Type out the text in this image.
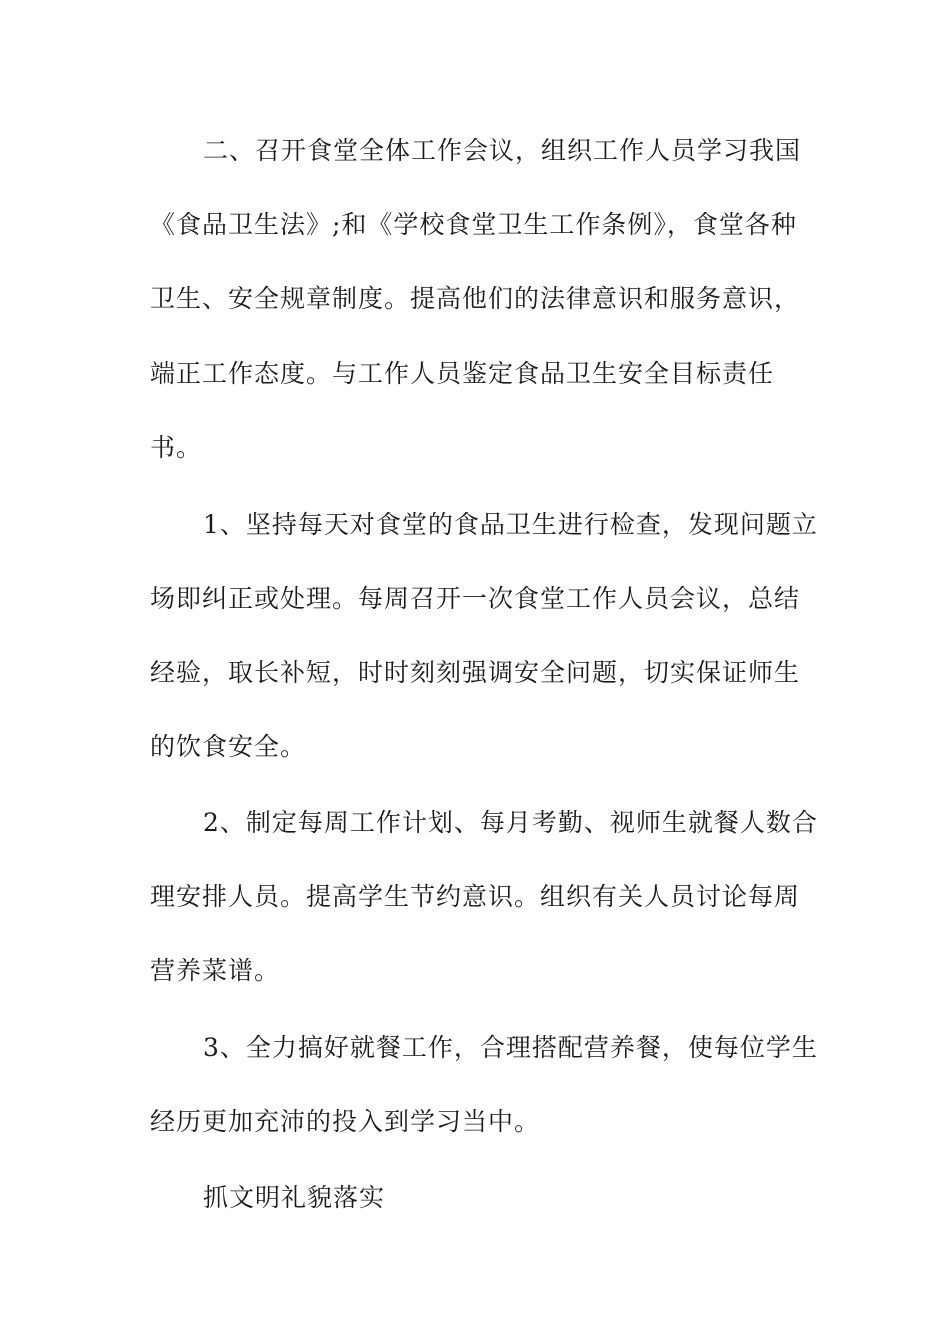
二、召开食堂全体工作会议，组织工作人员学习我国
《食品卫生法》;和《学校食堂卫生工作条例》，食堂各种
卫生、安全规章制度。提高他们的法律意识和服务意识，
端正工作态度。与工作人员鉴定食品卫生安全目标责任
书。
1、坚持每天对食堂的食品卫生进行检查，发现问题立
场即纠正或处理。每周召开一次食堂工作人员会议，总结
经验，取长补短，时时刻刻强调安全问题，切实保证师生
的饮食安全。
2、制定每周工作计划、每月考勤、视师生就餐人数合
理安排人员。提高学生节约意识。组织有关人员讨论每周
营养菜谱。
3、全力搞好就餐工作，合理搭配营养餐，使每位学生
经历更加充沛的投入到学习当中。
抓文明礼貌落实
